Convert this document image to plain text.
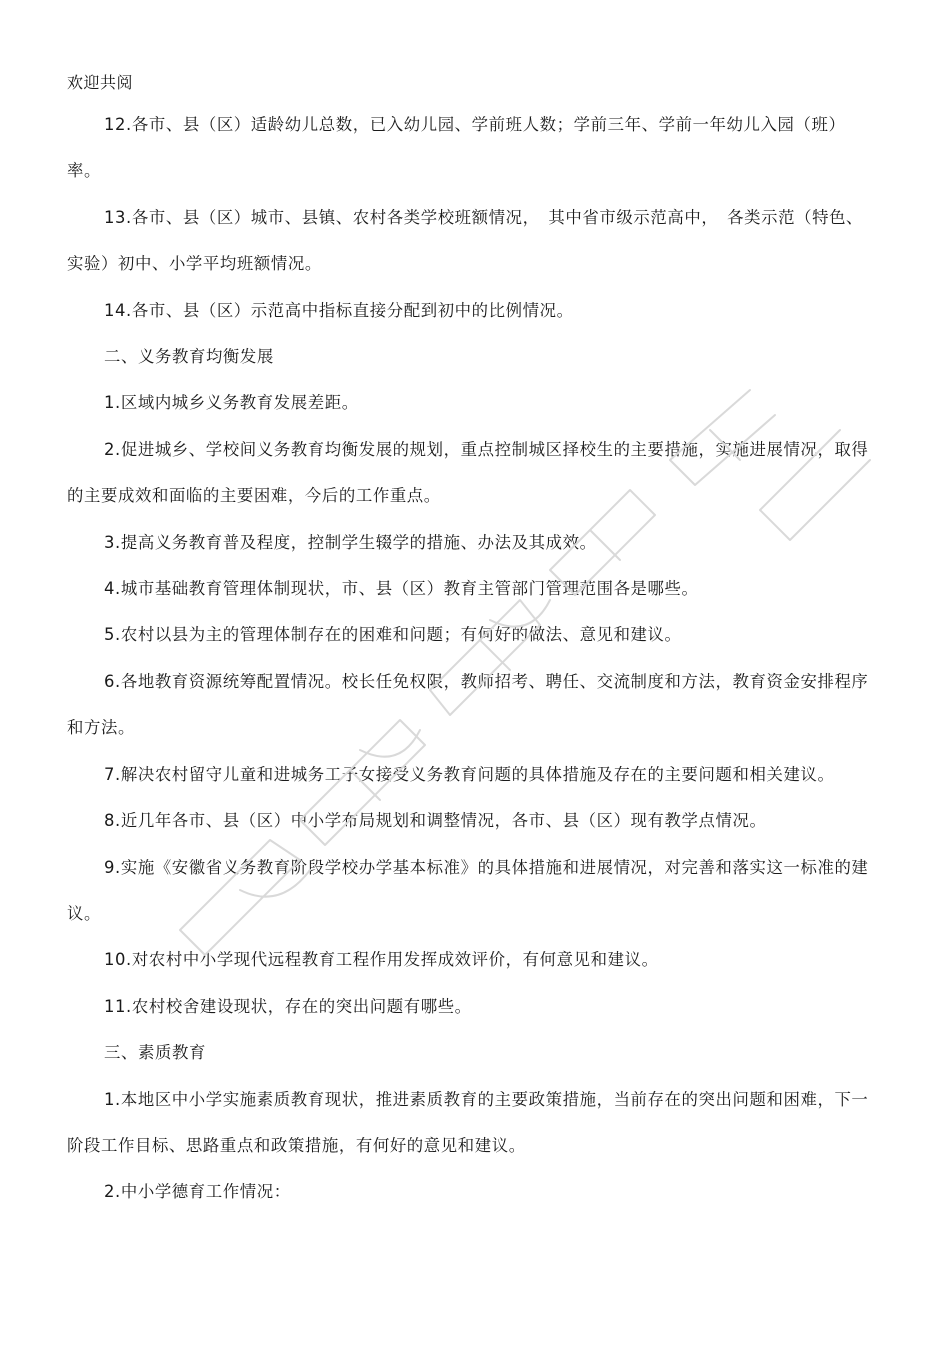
欢迎共阅

12.各市、县（区）适龄幼儿总数，已入幼儿园、学前班人数；学前三年、学前一年幼儿入园（班）率。

13.各市、县（区）城市、县镇、农村各类学校班额情况，　其中省市级示范高中，　各类示范（特色、实验）初中、小学平均班额情况。

14.各市、县（区）示范高中指标直接分配到初中的比例情况。

二、义务教育均衡发展

1.区域内城乡义务教育发展差距。

2.促进城乡、学校间义务教育均衡发展的规划，重点控制城区择校生的主要措施，实施进展情况，取得的主要成效和面临的主要困难，今后的工作重点。

3.提高义务教育普及程度，控制学生辍学的措施、办法及其成效。

4.城市基础教育管理体制现状，市、县（区）教育主管部门管理范围各是哪些。

5.农村以县为主的管理体制存在的困难和问题；有何好的做法、意见和建议。

6.各地教育资源统筹配置情况。校长任免权限，教师招考、聘任、交流制度和方法，教育资金安排程序和方法。

7.解决农村留守儿童和进城务工子女接受义务教育问题的具体措施及存在的主要问题和相关建议。

8.近几年各市、县（区）中小学布局规划和调整情况，各市、县（区）现有教学点情况。

9.实施《安徽省义务教育阶段学校办学基本标准》的具体措施和进展情况，对完善和落实这一标准的建议。

10.对农村中小学现代远程教育工程作用发挥成效评价，有何意见和建议。

11.农村校舍建设现状，存在的突出问题有哪些。

三、素质教育

1.本地区中小学实施素质教育现状，推进素质教育的主要政策措施，当前存在的突出问题和困难，下一阶段工作目标、思路重点和政策措施，有何好的意见和建议。

2.中小学德育工作情况：
